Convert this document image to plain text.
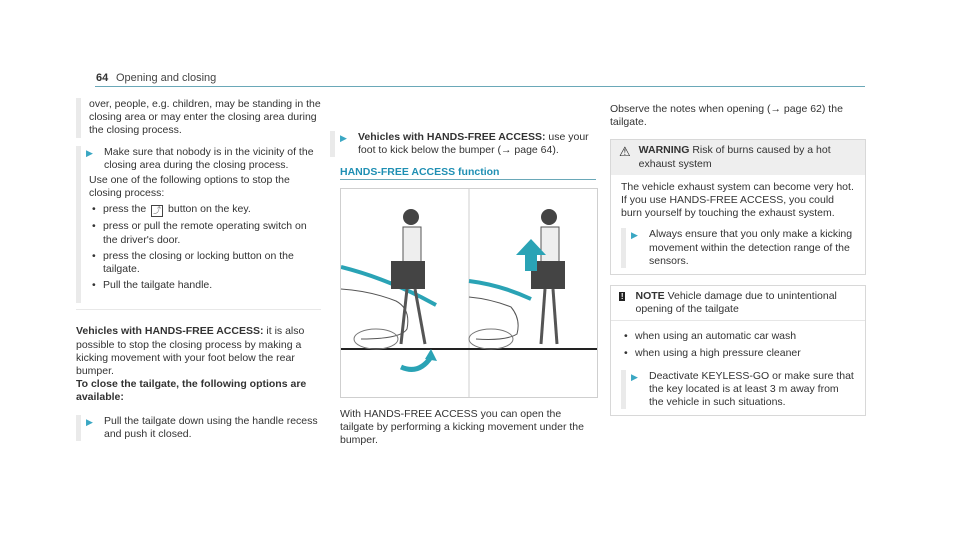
64 Opening and closing

over, people, e.g. children, may be standing in the closing area or may enter the closing area during the closing process.

▶ Make sure that nobody is in the vicinity of the closing area during the closing process.

Use one of the following options to stop the closing process:

• press the ⤴ button on the key.
• press or pull the remote operating switch on the driver's door.
• press the closing or locking button on the tailgate.
• Pull the tailgate handle.

Vehicles with HANDS-FREE ACCESS: it is also possible to stop the closing process by making a kicking movement with your foot below the rear bumper.

To close the tailgate, the following options are available:

▶ Pull the tailgate down using the handle recess and push it closed.
▶ Vehicles with HANDS-FREE ACCESS: use your foot to kick below the bumper (→ page 64).
HANDS-FREE ACCESS function

With HANDS-FREE ACCESS you can open the tailgate by performing a kicking movement under the bumper.

Observe the notes when opening (→ page 62) the tailgate.

⚠ WARNING Risk of burns caused by a hot exhaust system

The vehicle exhaust system can become very hot. If you use HANDS-FREE ACCESS, you could burn yourself by touching the exhaust system.

▶ Always ensure that you only make a kicking movement within the detection range of the sensors.
! NOTE Vehicle damage due to unintentional opening of the tailgate

• when using an automatic car wash
• when using a high pressure cleaner
▶ Deactivate KEYLESS-GO or make sure that the key located is at least 3 m away from the vehicle in such situations.
